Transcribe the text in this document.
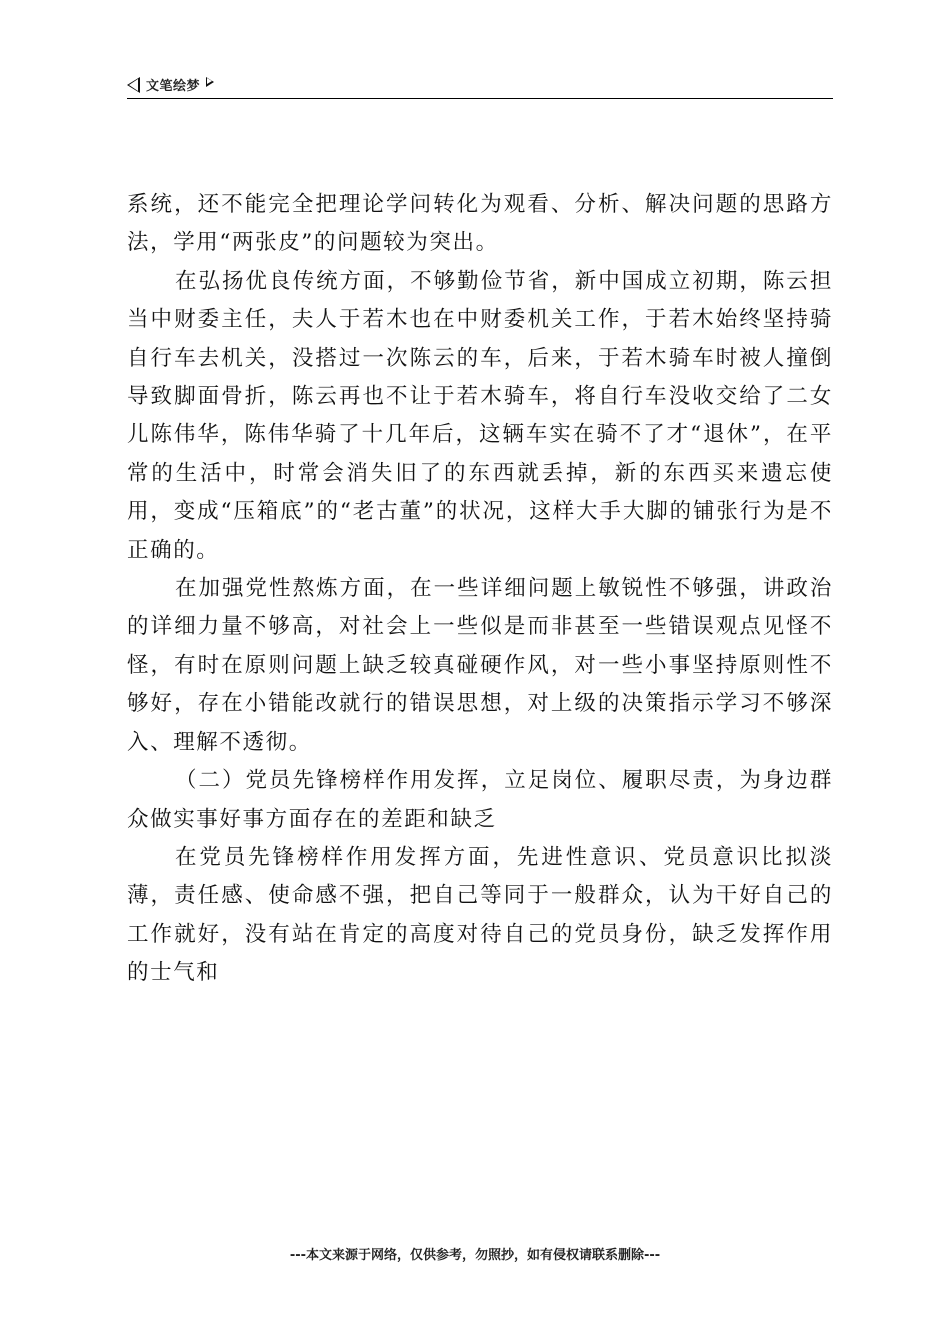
文笔绘梦

系统，还不能完全把理论学问转化为观看、分析、解决问题的思路方法，学用“两张皮”的问题较为突出。

在弘扬优良传统方面，不够勤俭节省，新中国成立初期，陈云担当中财委主任，夫人于若木也在中财委机关工作，于若木始终坚持骑自行车去机关，没搭过一次陈云的车，后来，于若木骑车时被人撞倒导致脚面骨折，陈云再也不让于若木骑车，将自行车没收交给了二女儿陈伟华，陈伟华骑了十几年后，这辆车实在骑不了才“退休”，在平常的生活中，时常会消失旧了的东西就丢掉，新的东西买来遗忘使用，变成“压箱底”的“老古董”的状况，这样大手大脚的铺张行为是不正确的。

在加强党性熬炼方面，在一些详细问题上敏锐性不够强，讲政治的详细力量不够高，对社会上一些似是而非甚至一些错误观点见怪不怪，有时在原则问题上缺乏较真碰硬作风，对一些小事坚持原则性不够好，存在小错能改就行的错误思想，对上级的决策指示学习不够深入、理解不透彻。

（二）党员先锋榜样作用发挥，立足岗位、履职尽责，为身边群众做实事好事方面存在的差距和缺乏

在党员先锋榜样作用发挥方面，先进性意识、党员意识比拟淡薄，责任感、使命感不强，把自己等同于一般群众，认为干好自己的工作就好，没有站在肯定的高度对待自己的党员身份，缺乏发挥作用的士气和

---本文来源于网络，仅供参考，勿照抄，如有侵权请联系删除---
